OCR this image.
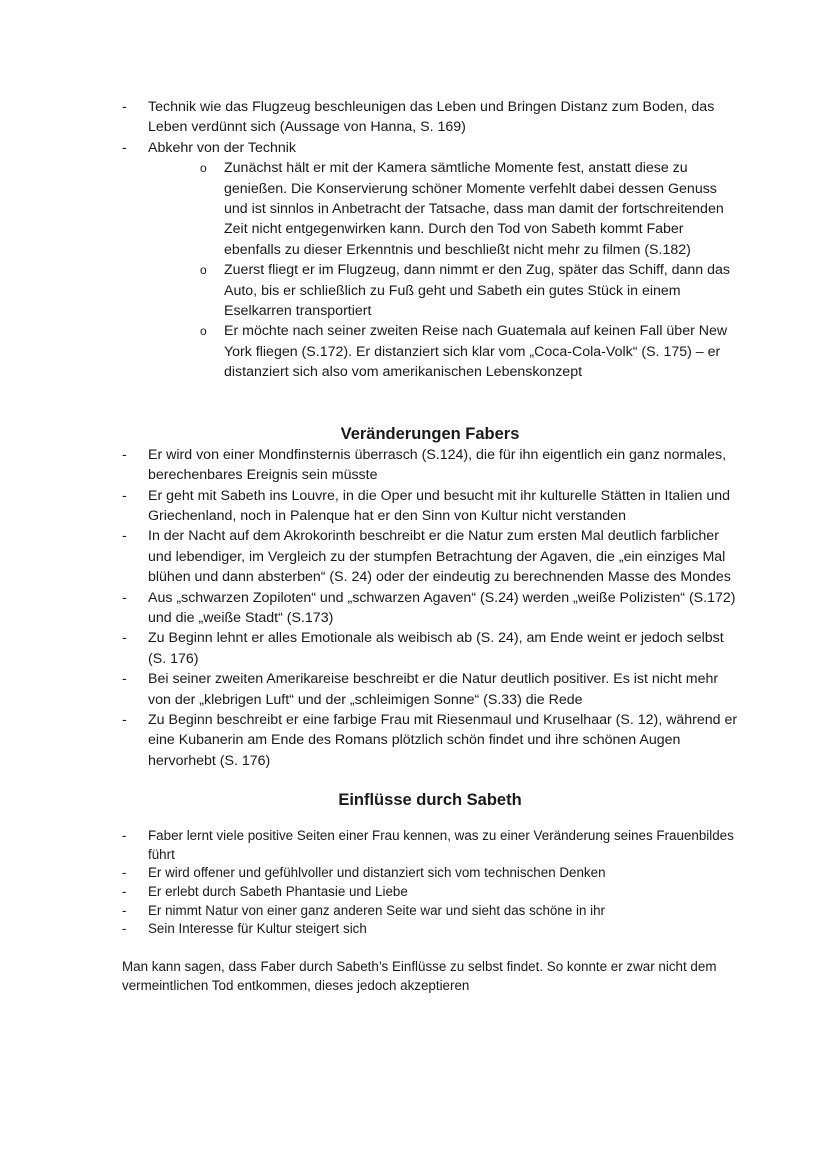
- Technik wie das Flugzeug beschleunigen das Leben und Bringen Distanz zum Boden, das Leben verdünnt sich (Aussage von Hanna, S. 169)
- Abkehr von der Technik
o Zunächst hält er mit der Kamera sämtliche Momente fest, anstatt diese zu genießen. Die Konservierung schöner Momente verfehlt dabei dessen Genuss und ist sinnlos in Anbetracht der Tatsache, dass man damit der fortschreitenden Zeit nicht entgegenwirken kann. Durch den Tod von Sabeth kommt Faber ebenfalls zu dieser Erkenntnis und beschließt nicht mehr zu filmen (S.182)
o Zuerst fliegt er im Flugzeug, dann nimmt er den Zug, später das Schiff, dann das Auto, bis er schließlich zu Fuß geht und Sabeth ein gutes Stück in einem Eselkarren transportiert
o Er möchte nach seiner zweiten Reise nach Guatemala auf keinen Fall über New York fliegen (S.172). Er distanziert sich klar vom „Coca-Cola-Volk“ (S. 175) – er distanziert sich also vom amerikanischen Lebenskonzept
Veränderungen Fabers
- Er wird von einer Mondfinsternis überrasch (S.124), die für ihn eigentlich ein ganz normales, berechenbares Ereignis sein müsste
- Er geht mit Sabeth ins Louvre, in die Oper und besucht mit ihr kulturelle Stätten in Italien und Griechenland, noch in Palenque hat er den Sinn von Kultur nicht verstanden
- In der Nacht auf dem Akrokorinth beschreibt er die Natur zum ersten Mal deutlich farblicher und lebendiger, im Vergleich zu der stumpfen Betrachtung der Agaven, die „ein einziges Mal blühen und dann absterben“ (S. 24) oder der eindeutig zu berechnenden Masse des Mondes
- Aus „schwarzen Zopiloten“ und „schwarzen Agaven“ (S.24) werden „weiße Polizisten“ (S.172) und die „weiße Stadt“ (S.173)
- Zu Beginn lehnt er alles Emotionale als weibisch ab (S. 24), am Ende weint er jedoch selbst (S. 176)
- Bei seiner zweiten Amerikareise beschreibt er die Natur deutlich positiver. Es ist nicht mehr von der „klebrigen Luft“ und der „schleimigen Sonne“ (S.33) die Rede
- Zu Beginn beschreibt er eine farbige Frau mit Riesenmaul und Kruselhaar (S. 12), während er eine Kubanerin am Ende des Romans plötzlich schön findet und ihre schönen Augen hervorhebt (S. 176)
Einflüsse durch Sabeth
- Faber lernt viele positive Seiten einer Frau kennen, was zu einer Veränderung seines Frauenbildes führt
- Er wird offener und gefühlvoller und distanziert sich vom technischen Denken
- Er erlebt durch Sabeth Phantasie und Liebe
- Er nimmt Natur von einer ganz anderen Seite war und sieht das schöne in ihr
- Sein Interesse für Kultur steigert sich

Man kann sagen, dass Faber durch Sabeth’s Einflüsse zu selbst findet. So konnte er zwar nicht dem vermeintlichen Tod entkommen, dieses jedoch akzeptieren
